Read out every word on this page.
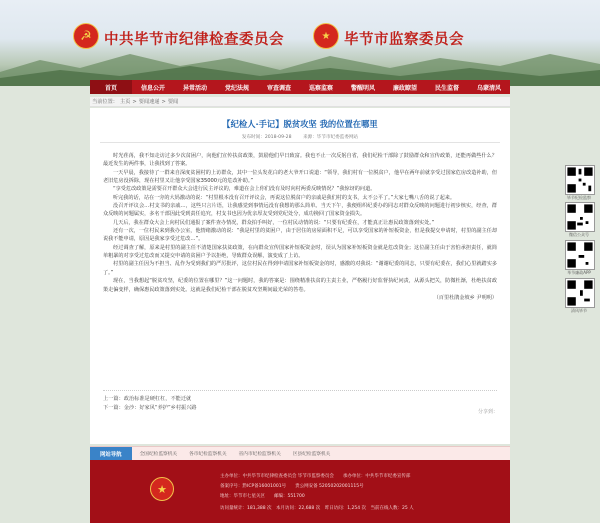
☭ 中共毕节市纪律检查委员会	★ 毕节市监察委员会
首页	信息公开	异常活动	党纪法规	审查调查	巡察监察	警醒明风	廉政瞭望	民生监督	乌蒙清风
当前位置： 主页 > 要闻速递 > 要闻
【纪检人·手记】脱贫攻坚 我的位置在哪里
发布时间：2018-09-28 来源：毕节市纪委监委网站

时光荏苒，我不知走访过多少次贫困户，向他们宣传扶贫政策，鼓励他们早日致富。我也不止一次反躬自省，我们纪检干部除了鼓励群众和宣传政策，还能再做些什么？最近发生的两件事，让我找到了答案。

一天早晨，我接待了一群来自深度贫困村的上访群众，其中一位头发花白的老大爷开口说道：“领导，我们村有一位脱贫户，他早在两年前就享受过国家危房改造补助，但老旧危房没拆除，现在村里又让他享受国家35000元的危改补助。”

“享受危改政策是需要召开群众大会进行民主评议的，难道在会上你们没有及时向村两委反映情况？”我惊讶的问道。

听完我的话，站在一旁的大妈激动的说：“村里根本没有召开评议会，再说这位脱贫户的亲戚是我们村的支书，太不公平了。”大家七嘴八舌的说了起来。

没召开评议会…村支书的亲戚…，这些只言片语，让我感觉到事情远没有我想的那么简单。当天下午，我便组织纪委办的同志对群众反映的问题进行初步核实，经查，群众反映的问题属实，多名干部因此受到责任追究，村支书也因为优亲厚友受到党纪处分，成功挽回了国家资金损失。

几天后，我在群众大会上向村民们通报了案件查办情况，群众拍手叫好，一位村民动情的说：“只要有纪委在，才能真正让惠民政策落到实处。”

还有一次，一位村民来到我办公室，他情绪激动的说：“我是村里的贫困户，由于居住的房屋面积不足，可以享受国家的补短板资金，但是我提交申请时，村里的副主任却说我不能申请，原因是我家享受过危改…”。

经过调查了解，原来是村里的副主任不清楚国家扶贫政策，在向群众宣传国家补短板资金时，误认为国家补短板资金就是危改资金；这位副主任由于害怕承担责任，就简单粗暴的对享受过危改而又提交申请的贫困户予以拒绝，导致群众误解，演变成了上访。

村里的副主任因为不担当、乱作为受到我们的严厉批评，这位村民在得到申请国家补短板资金的时，感激的对我说：“谢谢纪委的同志，只要有纪委在，我们心里就踏实多了。”

现在，当我想起“脱贫攻坚，纪委的位置在哪里？”这一问题时，我的答案是：围绕精准扶贫的主责主业，严格履行好监督执纪问责，从源头把关，防微杜渐，杜绝扶贫政策走偏变样，确保惠民政策落到实处。这就是我们纪检干部在脱贫攻坚期间最光荣的答卷。

（百里杜鹃金坡乡 尹明明）

上一篇：政治标准是硬杠杠，不能迁就
下一篇：金沙：好家风“养护”乡村振兴路
分享到：
毕节纪检监察
微信公众号
毕节廉政APP
清风毕节
网站导航	全国纪检监察机关	各市纪检监察机关	省内市纪检监察机关	区县纪检监察机关
★
主办单位：中共毕节市纪律检查委员会 毕节市监察委员会　　承办单位：中共毕节市纪委宣传部
备案序号：黔ICP备16001001号　　贵公网安备 52050202001115号
地址：毕节市七星关区　　邮编：551700
访问量统计：181,388 次　本月访问：22,688 次　昨日访问：1,254 次　当前在线人数：25 人
